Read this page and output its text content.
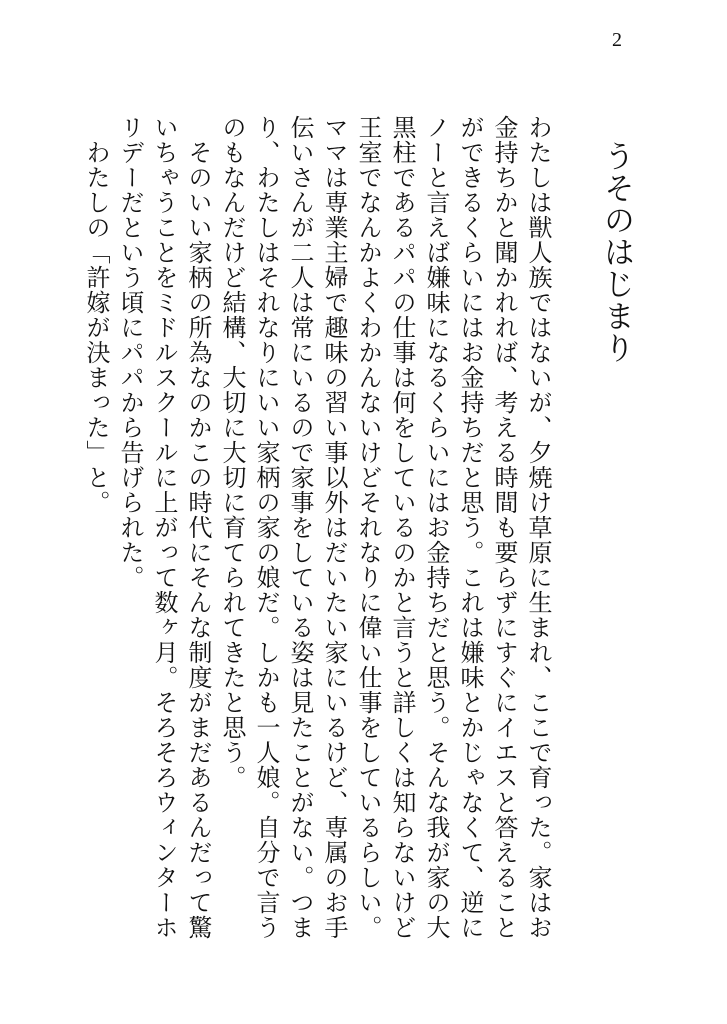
2
うそのはじまり

わたしは獣人族ではないが、夕焼け草原に生まれ、ここで育った。家はお金持ちかと聞かれれば、考える時間も要らずにすぐにイエスと答えることができるくらいにはお金持ちだと思う。これは嫌味とかじゃなくて、逆にノーと言えば嫌味になるくらいにはお金持ちだと思う。そんな我が家の大黒柱であるパパの仕事は何をしているのかと言うと詳しくは知らないけど王室でなんかよくわかんないけどそれなりに偉い仕事をしているらしい。ママは専業主婦で趣味の習い事以外はだいたい家にいるけど、専属のお手伝いさんが二人は常にいるので家事をしている姿は見たことがない。つまり、わたしはそれなりにいい家柄の家の娘だ。しかも一人娘。自分で言うのもなんだけど結構、大切に大切に育てられてきたと思う。

　そのいい家柄の所為なのかこの時代にそんな制度がまだあるんだって驚いちゃうことをミドルスクールに上がって数ヶ月。そろそろウィンターホリデーだという頃にパパから告げられた。

　わたしの「許嫁が決まった」と。
